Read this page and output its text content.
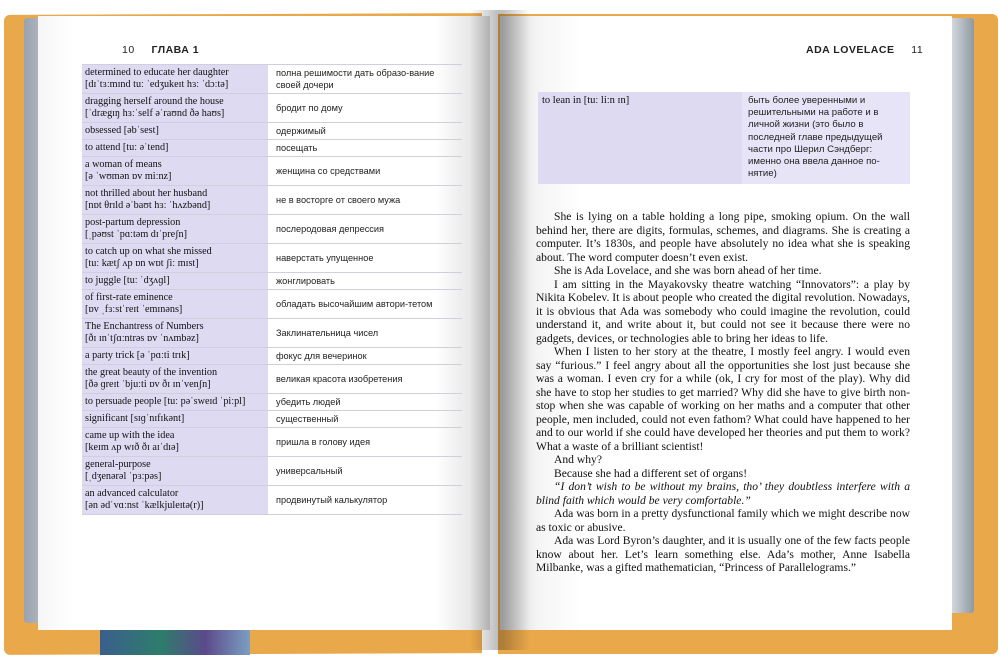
10 ГЛАВА 1	ADA LOVELACE 11
determined to educate her daughter
[dɪˈtɜːmɪnd tuː ˈedʒukeɪt hɜː ˈdɔːtə]
полна решимости дать образо-вание своей дочери
dragging herself around the house
[ˈdrægɪŋ hɜːˈself əˈraʊnd ðə haʊs]	бродит по дому
obsessed [əbˈsest]	одержимый
to attend [tuː əˈtend]	посещать
a woman of means
[ə ˈwʊmən ɒv miːnz]	женщина со средствами
not thrilled about her husband
[nɒt θrɪld əˈbaʊt hɜː ˈhʌzbənd]	не в восторге от своего мужа
post-partum depression
[ˌpəʊst ˈpɑːtəm dɪˈpreʃn]	послеродовая депрессия
to catch up on what she missed
[tuː kætʃ ʌp ɒn wɒt ʃiː mɪst]	наверстать упущенное
to juggle [tuː ˈdʒʌɡl]	жонглировать
of first-rate eminence
[ɒv ˌfɜːstˈreɪt ˈemɪnəns]	обладать высочайшим автори-тетом
The Enchantress of Numbers
[ðɪ ɪnˈtʃɑːntrəs ɒv ˈnʌmbəz]	Заклинательница чисел
a party trick [ə ˈpɑːti trɪk]	фокус для вечеринок
the great beauty of the invention
[ðə ɡreɪt ˈbjuːti ɒv ðɪ ɪnˈvenʃn]	великая красота изобретения
to persuade people [tuː pəˈsweɪd ˈpiːpl]	убедить людей
significant [sɪɡˈnɪfɪkənt]	существенный
came up with the idea
[keɪm ʌp wɪð ðɪ aɪˈdɪə]	пришла в голову идея
general-purpose
[ˌdʒenərəl ˈpɜːpəs]	универсальный
an advanced calculator
[ən ədˈvɑːnst ˈkælkjuleɪtə(r)]	продвинутый калькулятор
to lean in [tuː liːn ɪn]	быть более уверенными и решительными на работе и в личной жизни (это было в последней главе предыдущей части про Шерил Сэндберг: именно она ввела данное по-нятие)

She is lying on a table holding a long pipe, smoking opium. On the wall behind her, there are digits, formulas, schemes, and diagrams. She is creating a computer. It’s 1830s, and people have absolutely no idea what she is speaking about. The word computer doesn’t even exist.

She is Ada Lovelace, and she was born ahead of her time.

I am sitting in the Mayakovsky theatre watching “Innovators”: a play by Nikita Kobelev. It is about people who created the digital revolution. Nowadays, it is obvious that Ada was somebody who could imagine the revolution, could understand it, and write about it, but could not see it because there were no gadgets, devices, or technologies able to bring her ideas to life.

When I listen to her story at the theatre, I mostly feel angry. I would even say “furious.” I feel angry about all the opportunities she lost just because she was a woman. I even cry for a while (ok, I cry for most of the play). Why did she have to stop her studies to get married? Why did she have to give birth non-stop when she was capable of working on her maths and a computer that other people, men included, could not even fathom? What could have happened to her and to our world if she could have developed her theories and put them to work? What a waste of a brilliant scientist!

And why?

Because she had a different set of organs!

“I don’t wish to be without my brains, tho’ they doubtless interfere with a blind faith which would be very comfortable.”

Ada was born in a pretty dysfunctional family which we might describe now as toxic or abusive.

Ada was Lord Byron’s daughter, and it is usually one of the few facts people know about her. Let’s learn something else. Ada’s mother, Anne Isabella Milbanke, was a gifted mathematician, “Princess of Parallelograms.”
